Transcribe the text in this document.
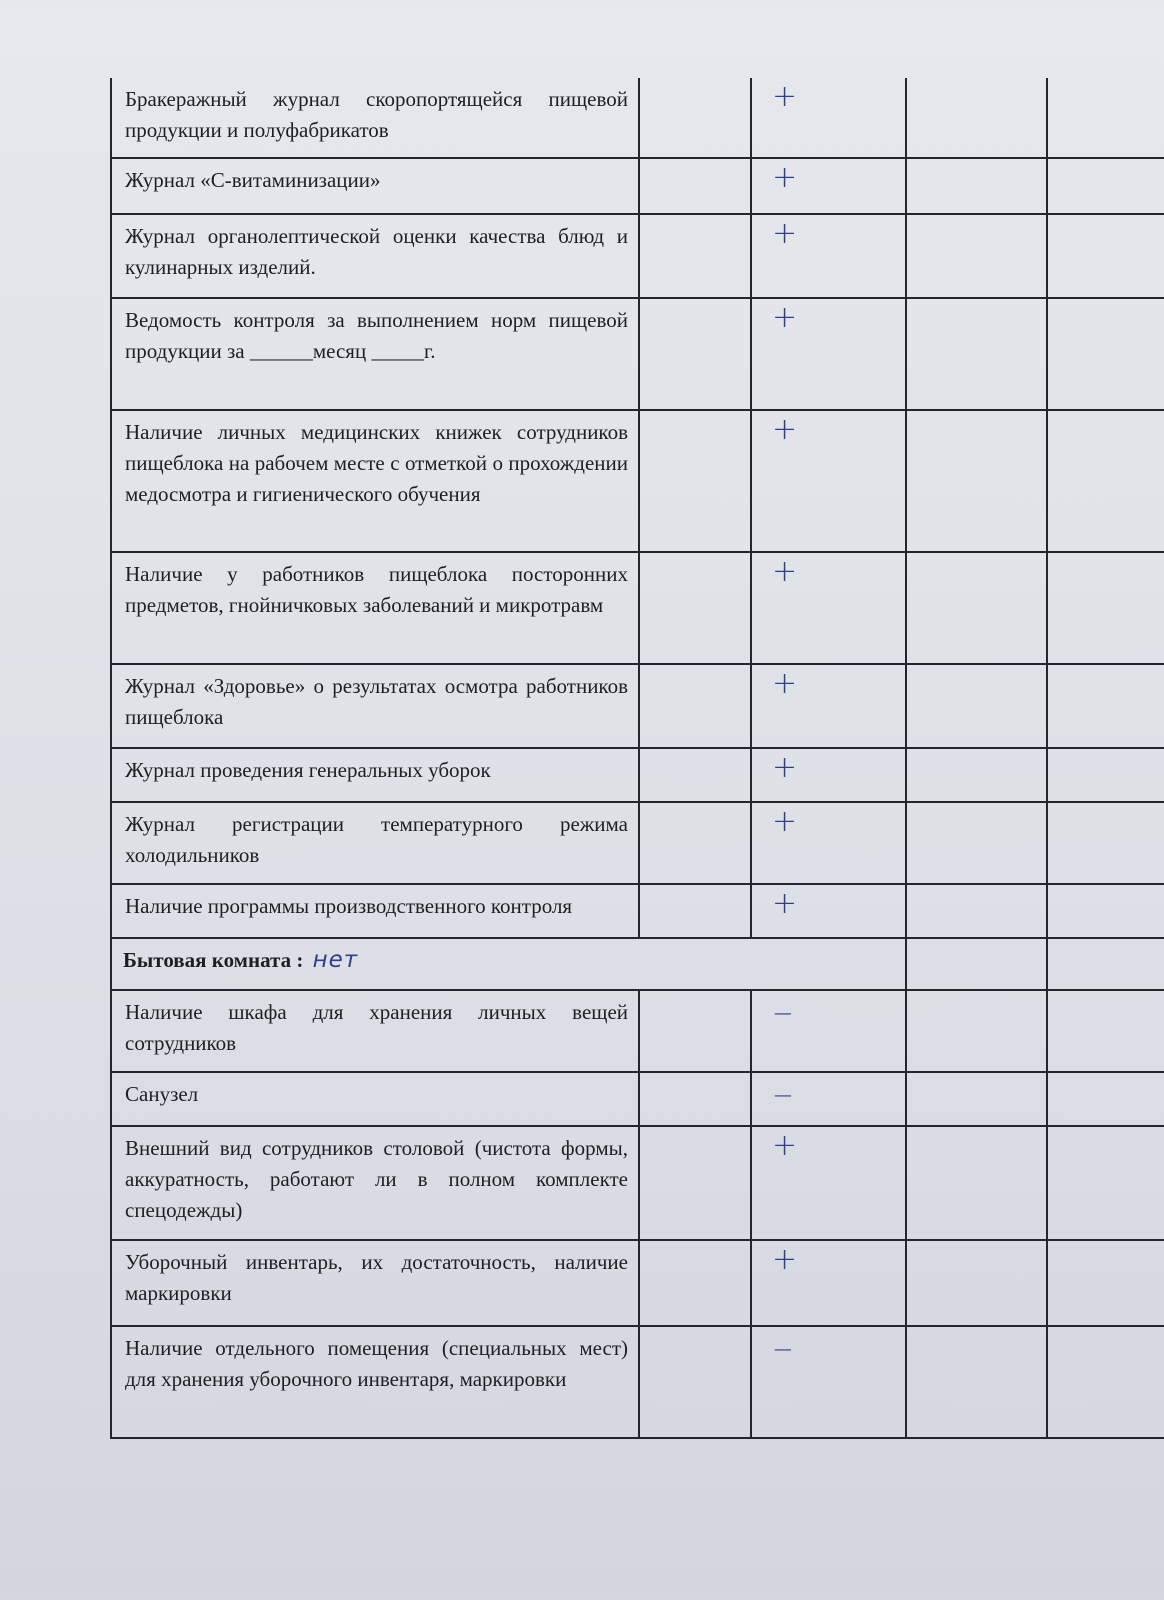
Бракеражный журнал скоропортящейся пищевой продукции и полуфабрикатов		+		
Журнал «С-витаминизации»		+		
Журнал органолептической оценки качества блюд и кулинарных изделий.		+		
Ведомость контроля за выполнением норм пищевой продукции за ______месяц _____г.		+		
Наличие личных медицинских книжек сотрудников пищеблока на рабочем месте с отметкой о прохождении медосмотра и гигиенического обучения		+		
Наличие у работников пищеблока посторонних предметов, гнойничковых заболеваний и микротравм		+		
Журнал «Здоровье» о результатах осмотра работников пищеблока		+		
Журнал проведения генеральных уборок		+		
Журнал регистрации температурного режима холодильников		+		
Наличие программы производственного контроля		+		
Бытовая комната : нет				
Наличие шкафа для хранения личных вещей сотрудников		−		
Санузел		−		
Внешний вид сотрудников столовой (чистота формы, аккуратность, работают ли в полном комплекте спецодежды)		+		
Уборочный инвентарь, их достаточность, наличие маркировки		+		
Наличие отдельного помещения (специальных мест) для хранения уборочного инвентаря, маркировки		−		
